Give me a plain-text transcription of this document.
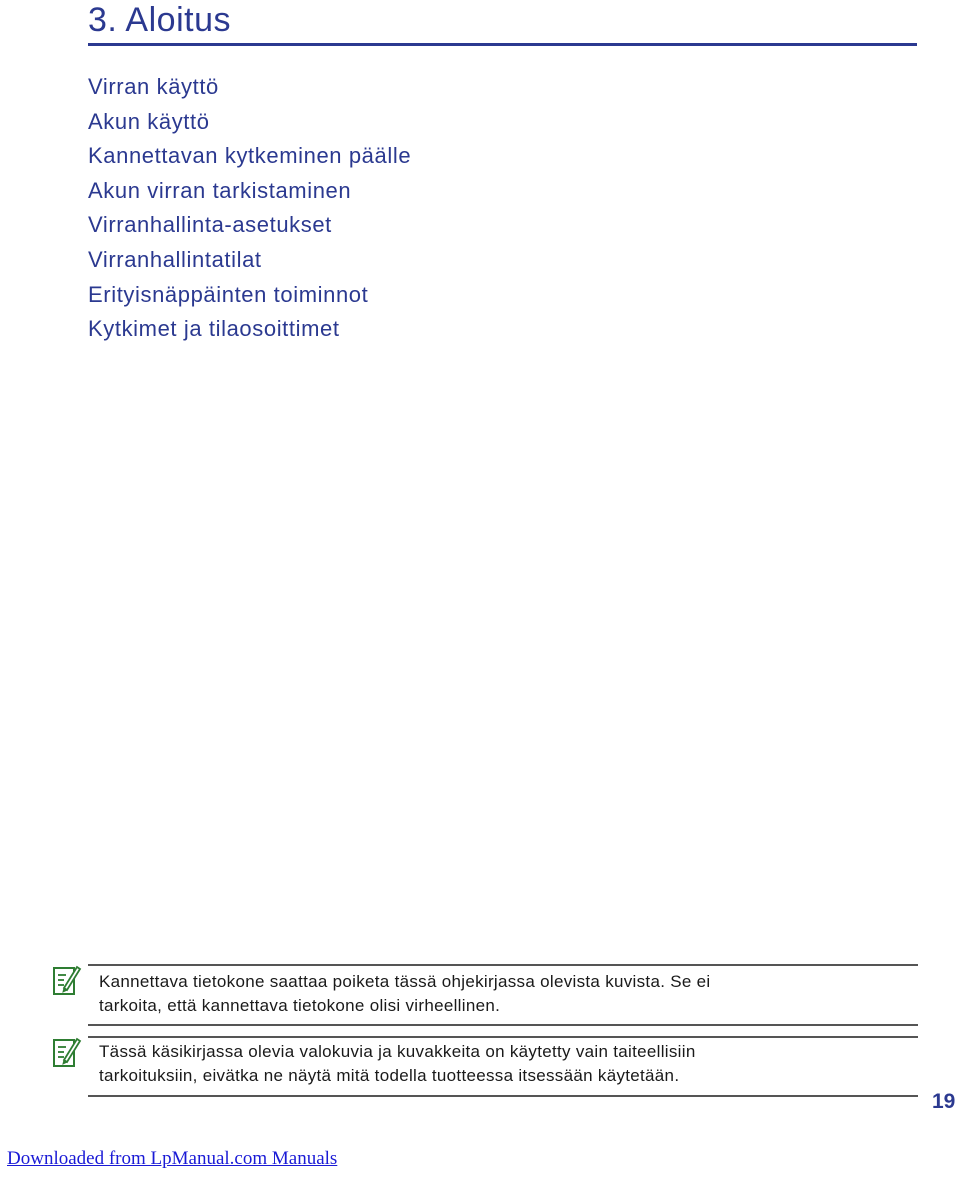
3. Aloitus
Virran käyttö
Akun käyttö
Kannettavan kytkeminen päälle
Akun virran tarkistaminen
Virranhallinta-asetukset
Virranhallintatilat
Erityisnäppäinten toiminnot
Kytkimet ja tilaosoittimet

Kannettava tietokone saattaa poiketa tässä ohjekirjassa olevista kuvista. Se ei
tarkoita, että kannettava tietokone olisi virheellinen.

Tässä käsikirjassa olevia valokuvia ja kuvakkeita on käytetty vain taiteellisiin
tarkoituksiin, eivätka ne näytä mitä todella tuotteessa itsessään käytetään.

19
Downloaded from LpManual.com Manuals
